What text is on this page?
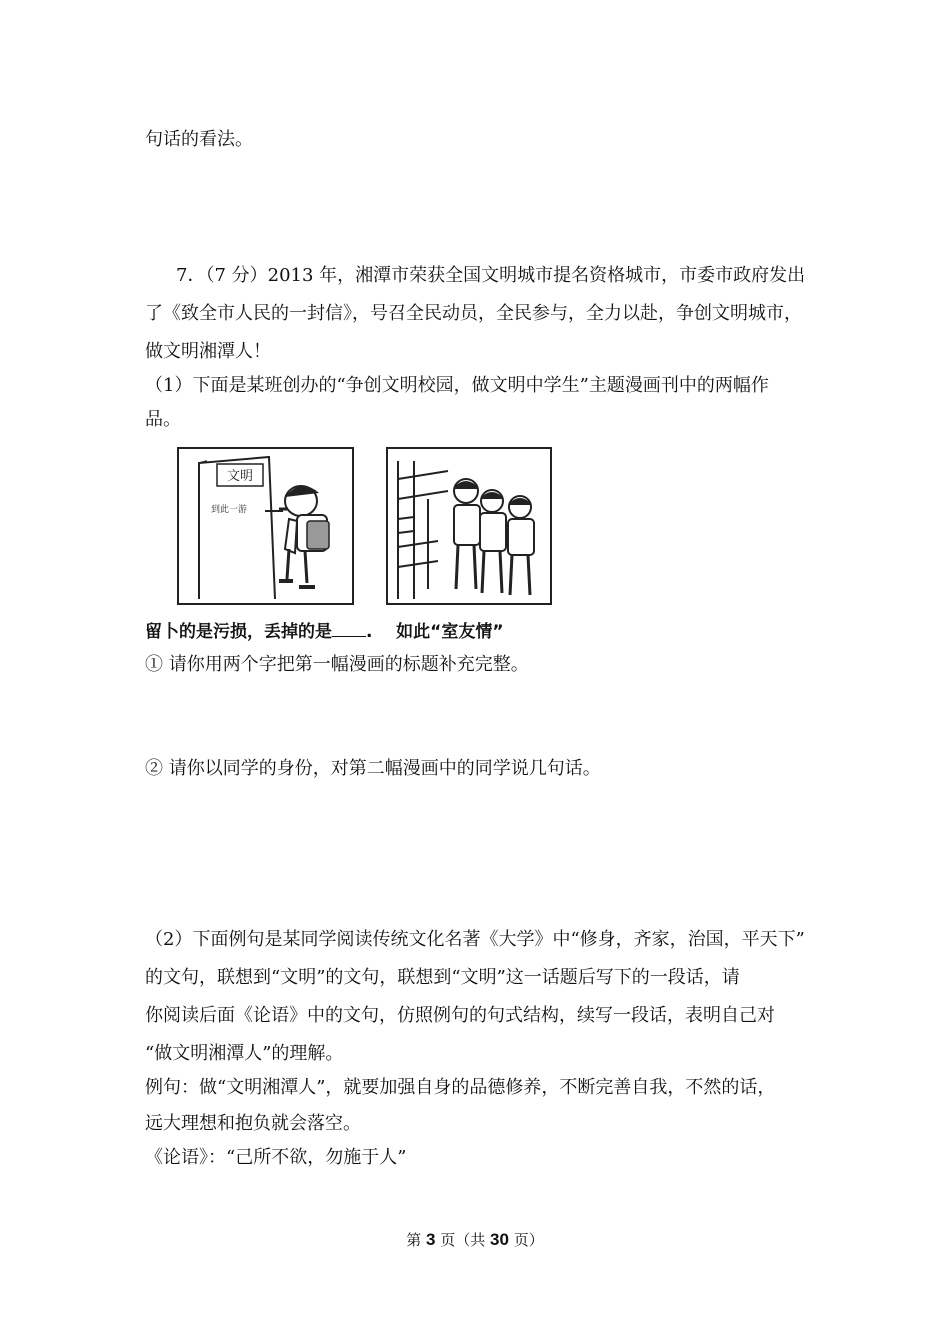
句话的看法。
7．（7 分）2013 年，湘潭市荣获全国文明城市提名资格城市，市委市政府发出
了《致全市人民的一封信》，号召全民动员，全民参与，全力以赴，争创文明城市，
做文明湘潭人！
（1）下面是某班创办的“争创文明校园，做文明中学生”主题漫画刊中的两幅作
品。
文明
到此一游
留卜的是污损，丢掉的是 . 如此“室友情”
① 请你用两个字把第一幅漫画的标题补充完整。
② 请你以同学的身份，对第二幅漫画中的同学说几句话。
（2）下面例句是某同学阅读传统文化名著《大学》中“修身，齐家，治国，平天下”
的文句，联想到“文明”的文句，联想到“文明”这一话题后写下的一段话，请
你阅读后面《论语》中的文句，仿照例句的句式结构，续写一段话，表明自己对
“做文明湘潭人”的理解。
例句：做“文明湘潭人”，就要加强自身的品德修养，不断完善自我，不然的话，
远大理想和抱负就会落空。
《论语》：“己所不欲，勿施于人”
第 3 页（共 30 页）
